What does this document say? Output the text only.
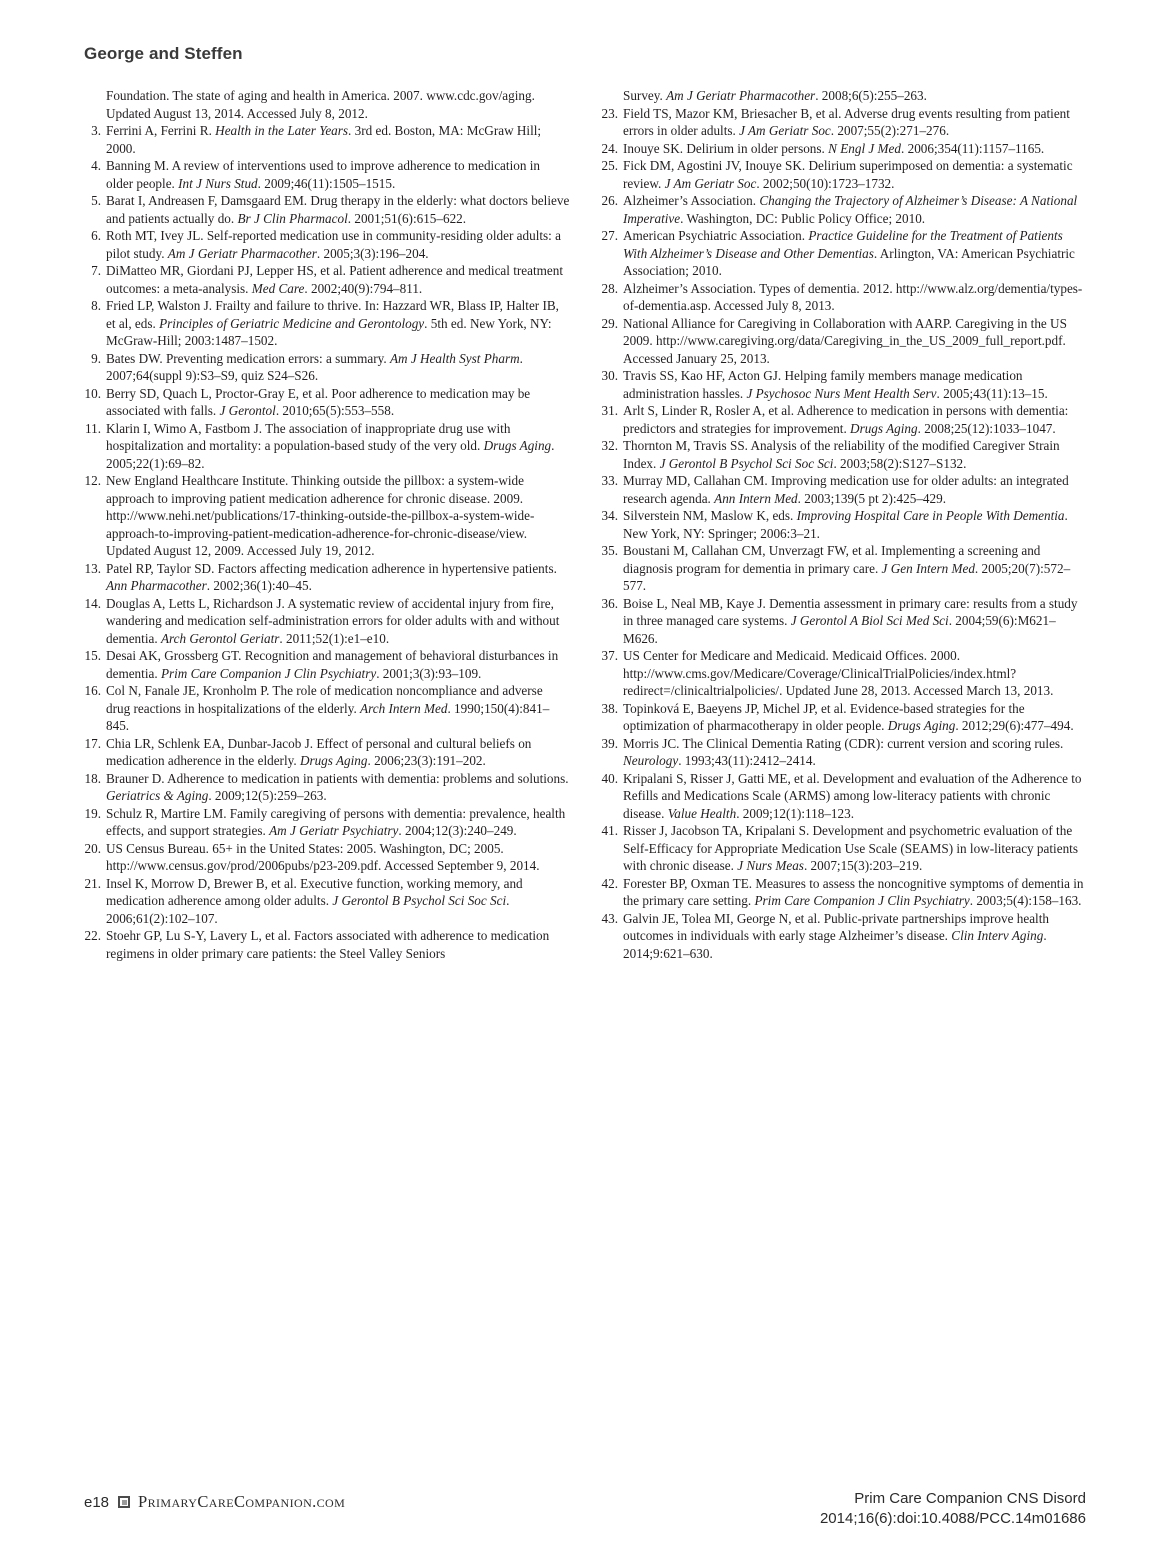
George and Steffen
Foundation. The state of aging and health in America. 2007. www.cdc.gov/aging. Updated August 13, 2014. Accessed July 8, 2012.
3. Ferrini A, Ferrini R. Health in the Later Years. 3rd ed. Boston, MA: McGraw Hill; 2000.
4. Banning M. A review of interventions used to improve adherence to medication in older people. Int J Nurs Stud. 2009;46(11):1505–1515.
5. Barat I, Andreasen F, Damsgaard EM. Drug therapy in the elderly: what doctors believe and patients actually do. Br J Clin Pharmacol. 2001;51(6):615–622.
6. Roth MT, Ivey JL. Self-reported medication use in community-residing older adults: a pilot study. Am J Geriatr Pharmacother. 2005;3(3):196–204.
7. DiMatteo MR, Giordani PJ, Lepper HS, et al. Patient adherence and medical treatment outcomes: a meta-analysis. Med Care. 2002;40(9):794–811.
8. Fried LP, Walston J. Frailty and failure to thrive. In: Hazzard WR, Blass IP, Halter IB, et al, eds. Principles of Geriatric Medicine and Gerontology. 5th ed. New York, NY: McGraw-Hill; 2003:1487–1502.
9. Bates DW. Preventing medication errors: a summary. Am J Health Syst Pharm. 2007;64(suppl 9):S3–S9, quiz S24–S26.
10. Berry SD, Quach L, Proctor-Gray E, et al. Poor adherence to medication may be associated with falls. J Gerontol. 2010;65(5):553–558.
11. Klarin I, Wimo A, Fastbom J. The association of inappropriate drug use with hospitalization and mortality: a population-based study of the very old. Drugs Aging. 2005;22(1):69–82.
12. New England Healthcare Institute. Thinking outside the pillbox: a system-wide approach to improving patient medication adherence for chronic disease. 2009. http://www.nehi.net/publications/17-thinking-outside-the-pillbox-a-system-wide-approach-to-improving-patient-medication-adherence-for-chronic-disease/view. Updated August 12, 2009. Accessed July 19, 2012.
13. Patel RP, Taylor SD. Factors affecting medication adherence in hypertensive patients. Ann Pharmacother. 2002;36(1):40–45.
14. Douglas A, Letts L, Richardson J. A systematic review of accidental injury from fire, wandering and medication self-administration errors for older adults with and without dementia. Arch Gerontol Geriatr. 2011;52(1):e1–e10.
15. Desai AK, Grossberg GT. Recognition and management of behavioral disturbances in dementia. Prim Care Companion J Clin Psychiatry. 2001;3(3):93–109.
16. Col N, Fanale JE, Kronholm P. The role of medication noncompliance and adverse drug reactions in hospitalizations of the elderly. Arch Intern Med. 1990;150(4):841–845.
17. Chia LR, Schlenk EA, Dunbar-Jacob J. Effect of personal and cultural beliefs on medication adherence in the elderly. Drugs Aging. 2006;23(3):191–202.
18. Brauner D. Adherence to medication in patients with dementia: problems and solutions. Geriatrics & Aging. 2009;12(5):259–263.
19. Schulz R, Martire LM. Family caregiving of persons with dementia: prevalence, health effects, and support strategies. Am J Geriatr Psychiatry. 2004;12(3):240–249.
20. US Census Bureau. 65+ in the United States: 2005. Washington, DC; 2005. http://www.census.gov/prod/2006pubs/p23-209.pdf. Accessed September 9, 2014.
21. Insel K, Morrow D, Brewer B, et al. Executive function, working memory, and medication adherence among older adults. J Gerontol B Psychol Sci Soc Sci. 2006;61(2):102–107.
22. Stoehr GP, Lu S-Y, Lavery L, et al. Factors associated with adherence to medication regimens in older primary care patients: the Steel Valley Seniors
Survey. Am J Geriatr Pharmacother. 2008;6(5):255–263.
23. Field TS, Mazor KM, Briesacher B, et al. Adverse drug events resulting from patient errors in older adults. J Am Geriatr Soc. 2007;55(2):271–276.
24. Inouye SK. Delirium in older persons. N Engl J Med. 2006;354(11):1157–1165.
25. Fick DM, Agostini JV, Inouye SK. Delirium superimposed on dementia: a systematic review. J Am Geriatr Soc. 2002;50(10):1723–1732.
26. Alzheimer’s Association. Changing the Trajectory of Alzheimer’s Disease: A National Imperative. Washington, DC: Public Policy Office; 2010.
27. American Psychiatric Association. Practice Guideline for the Treatment of Patients With Alzheimer’s Disease and Other Dementias. Arlington, VA: American Psychiatric Association; 2010.
28. Alzheimer’s Association. Types of dementia. 2012. http://www.alz.org/dementia/types-of-dementia.asp. Accessed July 8, 2013.
29. National Alliance for Caregiving in Collaboration with AARP. Caregiving in the US 2009. http://www.caregiving.org/data/Caregiving_in_the_US_2009_full_report.pdf. Accessed January 25, 2013.
30. Travis SS, Kao HF, Acton GJ. Helping family members manage medication administration hassles. J Psychosoc Nurs Ment Health Serv. 2005;43(11):13–15.
31. Arlt S, Linder R, Rosler A, et al. Adherence to medication in persons with dementia: predictors and strategies for improvement. Drugs Aging. 2008;25(12):1033–1047.
32. Thornton M, Travis SS. Analysis of the reliability of the modified Caregiver Strain Index. J Gerontol B Psychol Sci Soc Sci. 2003;58(2):S127–S132.
33. Murray MD, Callahan CM. Improving medication use for older adults: an integrated research agenda. Ann Intern Med. 2003;139(5 pt 2):425–429.
34. Silverstein NM, Maslow K, eds. Improving Hospital Care in People With Dementia. New York, NY: Springer; 2006:3–21.
35. Boustani M, Callahan CM, Unverzagt FW, et al. Implementing a screening and diagnosis program for dementia in primary care. J Gen Intern Med. 2005;20(7):572–577.
36. Boise L, Neal MB, Kaye J. Dementia assessment in primary care: results from a study in three managed care systems. J Gerontol A Biol Sci Med Sci. 2004;59(6):M621–M626.
37. US Center for Medicare and Medicaid. Medicaid Offices. 2000. http://www.cms.gov/Medicare/Coverage/ClinicalTrialPolicies/index.html?redirect=/clinicaltrialpolicies/. Updated June 28, 2013. Accessed March 13, 2013.
38. Topinková E, Baeyens JP, Michel JP, et al. Evidence-based strategies for the optimization of pharmacotherapy in older people. Drugs Aging. 2012;29(6):477–494.
39. Morris JC. The Clinical Dementia Rating (CDR): current version and scoring rules. Neurology. 1993;43(11):2412–2414.
40. Kripalani S, Risser J, Gatti ME, et al. Development and evaluation of the Adherence to Refills and Medications Scale (ARMS) among low-literacy patients with chronic disease. Value Health. 2009;12(1):118–123.
41. Risser J, Jacobson TA, Kripalani S. Development and psychometric evaluation of the Self-Efficacy for Appropriate Medication Use Scale (SEAMS) in low-literacy patients with chronic disease. J Nurs Meas. 2007;15(3):203–219.
42. Forester BP, Oxman TE. Measures to assess the noncognitive symptoms of dementia in the primary care setting. Prim Care Companion J Clin Psychiatry. 2003;5(4):158–163.
43. Galvin JE, Tolea MI, George N, et al. Public-private partnerships improve health outcomes in individuals with early stage Alzheimer’s disease. Clin Interv Aging. 2014;9:621–630.
e18 PrimaryCareCompanion.com	Prim Care Companion CNS Disord
2014;16(6):doi:10.4088/PCC.14m01686
